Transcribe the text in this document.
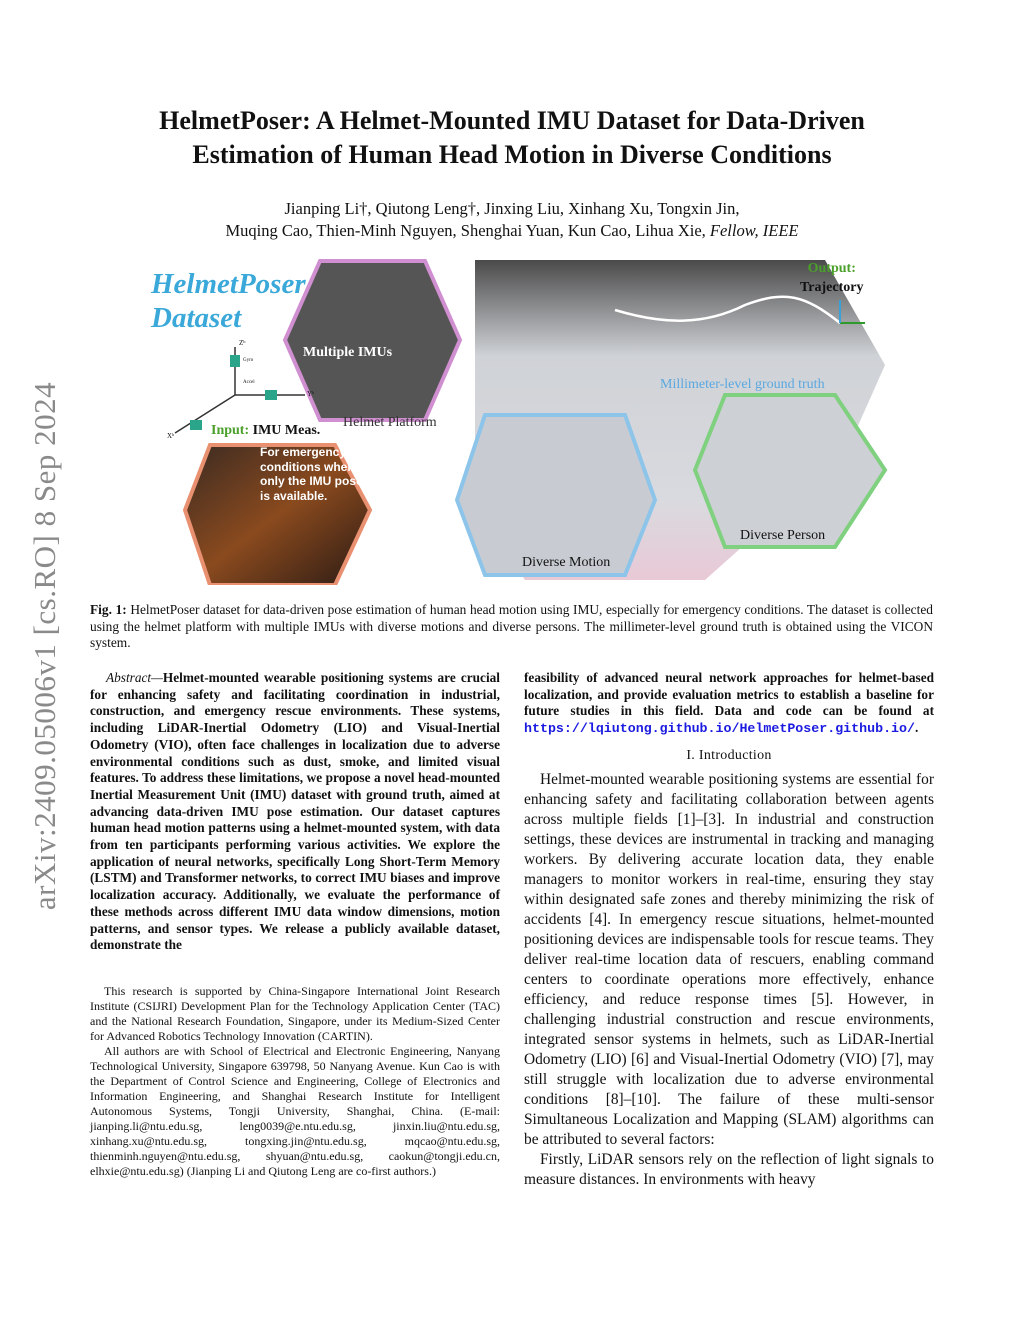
arXiv:2409.05006v1 [cs.RO] 8 Sep 2024
HelmetPoser: A Helmet-Mounted IMU Dataset for Data-Driven
Estimation of Human Head Motion in Diverse Conditions
Jianping Li†, Qiutong Leng†, Jinxing Liu, Xinhang Xu, Tongxin Jin,
Muqing Cao, Thien-Minh Nguyen, Shenghai Yuan, Kun Cao, Lihua Xie, Fellow, IEEE
HelmetPoser
Dataset
Multiple IMUs
Helmet Platform
Input: IMU Meas.
Output:
Trajectory
Millimeter-level ground truth
For emergency conditions where only the IMU pose is available.
Diverse Motion
Diverse Person
Zᵇ
Yᵇ
Xᵇ
Gyro
Accel
Fig. 1: HelmetPoser dataset for data-driven pose estimation of human head motion using IMU, especially for emergency conditions. The dataset is collected using the helmet platform with multiple IMUs with diverse motions and diverse persons. The millimeter-level ground truth is obtained using the VICON system.

Abstract—Helmet-mounted wearable positioning systems are crucial for enhancing safety and facilitating coordination in industrial, construction, and emergency rescue environments. These systems, including LiDAR-Inertial Odometry (LIO) and Visual-Inertial Odometry (VIO), often face challenges in localization due to adverse environmental conditions such as dust, smoke, and limited visual features. To address these limitations, we propose a novel head-mounted Inertial Measurement Unit (IMU) dataset with ground truth, aimed at advancing data-driven IMU pose estimation. Our dataset captures human head motion patterns using a helmet-mounted system, with data from ten participants performing various activities. We explore the application of neural networks, specifically Long Short-Term Memory (LSTM) and Transformer networks, to correct IMU biases and improve localization accuracy. Additionally, we evaluate the performance of these methods across different IMU data window dimensions, motion patterns, and sensor types. We release a publicly available dataset, demonstrate the

This research is supported by China-Singapore International Joint Research Institute (CSIJRI) Development Plan for the Technology Application Center (TAC) and the National Research Foundation, Singapore, under its Medium-Sized Center for Advanced Robotics Technology Innovation (CARTIN).

All authors are with School of Electrical and Electronic Engineering, Nanyang Technological University, Singapore 639798, 50 Nanyang Avenue. Kun Cao is with the Department of Control Science and Engineering, College of Electronics and Information Engineering, and Shanghai Research Institute for Intelligent Autonomous Systems, Tongji University, Shanghai, China. (E-mail: jianping.li@ntu.edu.sg, leng0039@e.ntu.edu.sg, jinxin.liu@ntu.edu.sg, xinhang.xu@ntu.edu.sg, tongxing.jin@ntu.edu.sg, mqcao@ntu.edu.sg, thienminh.nguyen@ntu.edu.sg, shyuan@ntu.edu.sg, caokun@tongji.edu.cn, elhxie@ntu.edu.sg) (Jianping Li and Qiutong Leng are co-first authors.)

feasibility of advanced neural network approaches for helmet-based localization, and provide evaluation metrics to establish a baseline for future studies in this field. Data and code can be found at https://lqiutong.github.io/HelmetPoser.github.io/.

I. Introduction

Helmet-mounted wearable positioning systems are essential for enhancing safety and facilitating collaboration between agents across multiple fields [1]–[3]. In industrial and construction settings, these devices are instrumental in tracking and managing workers. By delivering accurate location data, they enable managers to monitor workers in real-time, ensuring they stay within designated safe zones and thereby minimizing the risk of accidents [4]. In emergency rescue situations, helmet-mounted positioning devices are indispensable tools for rescue teams. They deliver real-time location data of rescuers, enabling command centers to coordinate operations more effectively, enhance efficiency, and reduce response times [5]. However, in challenging industrial construction and rescue environments, integrated sensor systems in helmets, such as LiDAR-Inertial Odometry (LIO) [6] and Visual-Inertial Odometry (VIO) [7], may still struggle with localization due to adverse environmental conditions [8]–[10]. The failure of these multi-sensor Simultaneous Localization and Mapping (SLAM) algorithms can be attributed to several factors:

Firstly, LiDAR sensors rely on the reflection of light signals to measure distances. In environments with heavy
